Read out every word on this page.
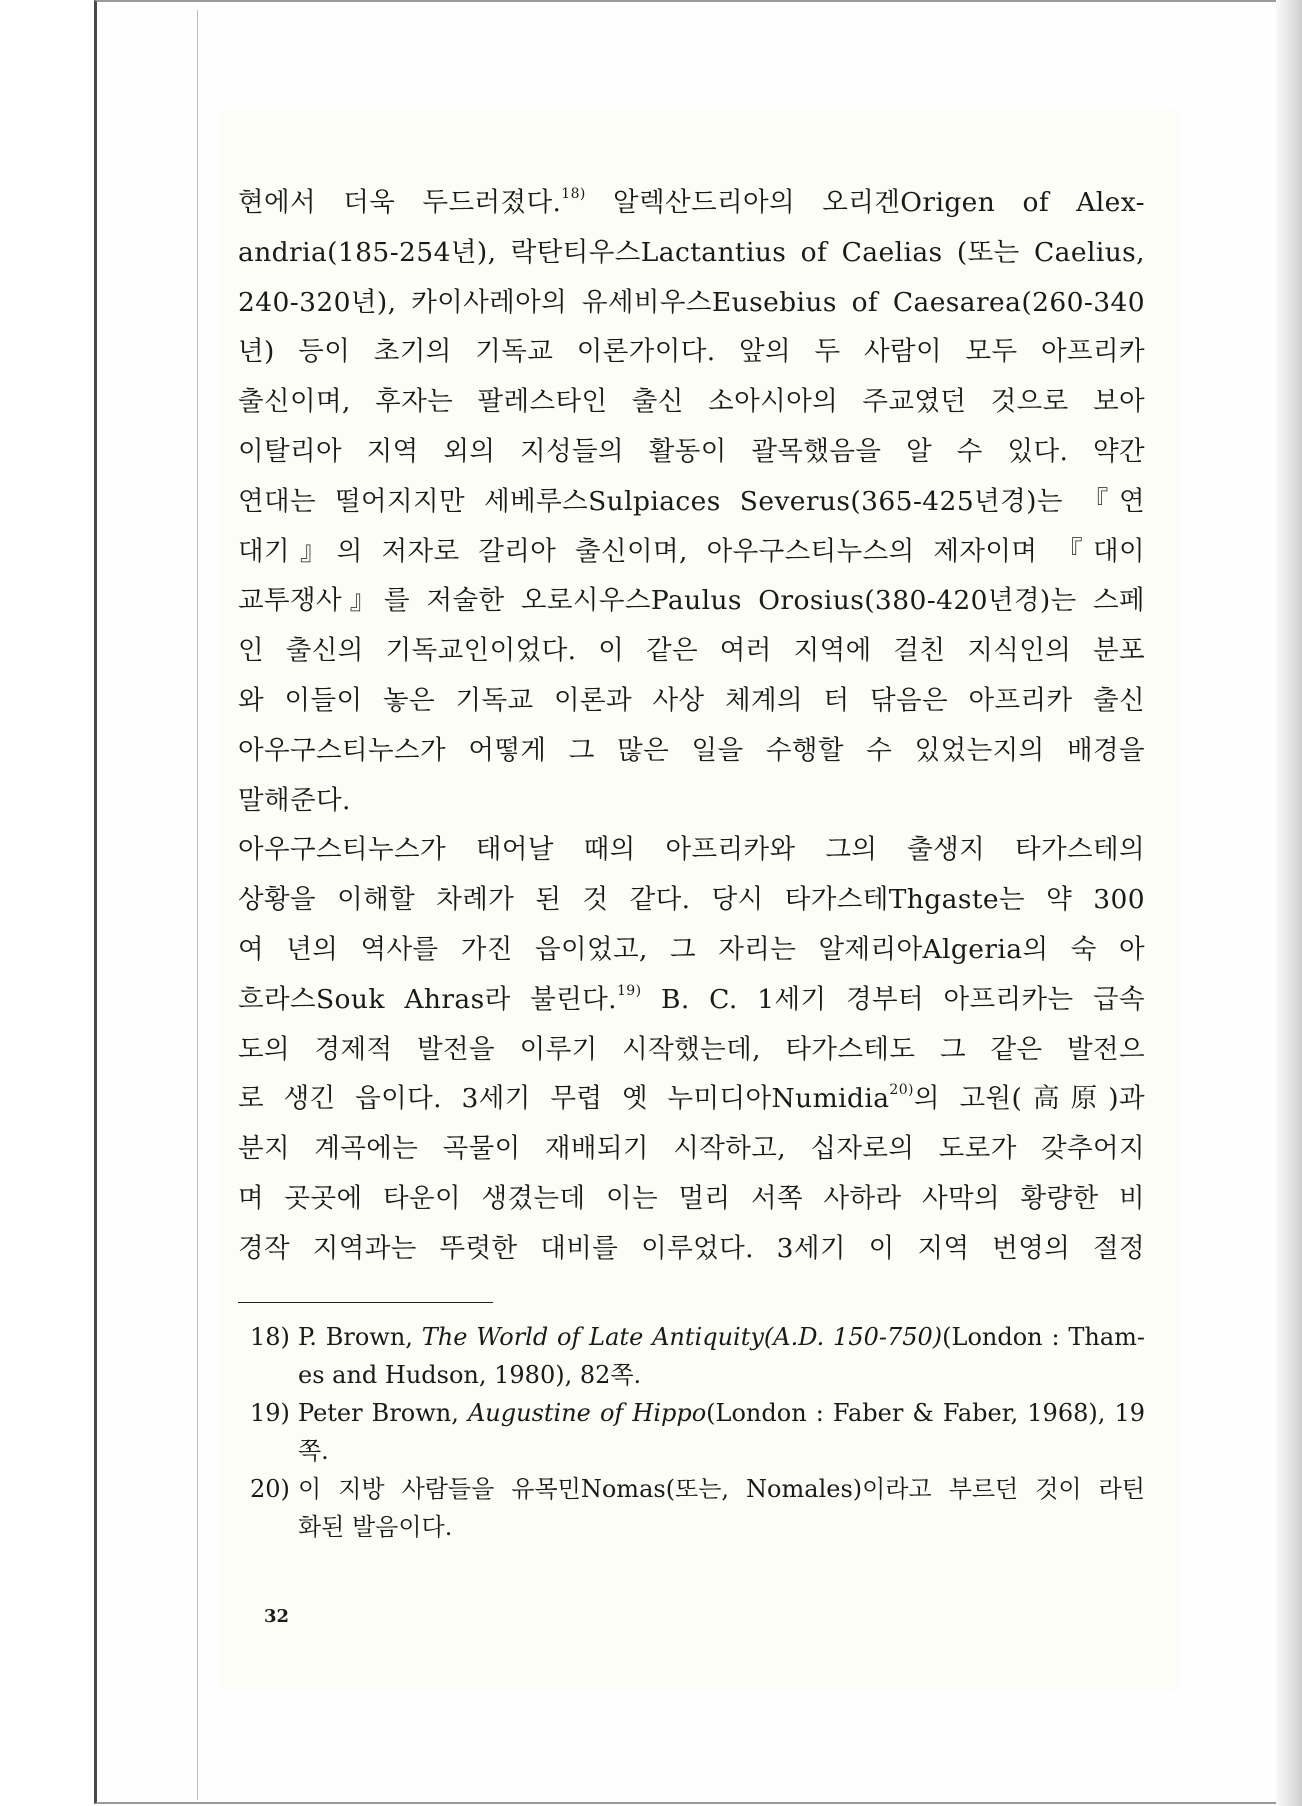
현에서 더욱 두드러졌다.$^{18)}$ 알렉산드리아의 오리겐Origen of Alex-
andria(185-254년), 락탄티우스Lactantius of Caelias (또는 Caelius,
240-320년), 카이사레아의 유세비우스Eusebius of Caesarea(260-340
년) 등이 초기의 기독교 이론가이다. 앞의 두 사람이 모두 아프리카
출신이며, 후자는 팔레스타인 출신 소아시아의 주교였던 것으로 보아
이탈리아 지역 외의 지성들의 활동이 괄목했음을 알 수 있다. 약간
연대는 떨어지지만 세베루스Sulpiaces Severus(365-425년경)는 『연
대기』의 저자로 갈리아 출신이며, 아우구스티누스의 제자이며 『대이
교투쟁사』를 저술한 오로시우스Paulus Orosius(380-420년경)는 스페
인 출신의 기독교인이었다. 이 같은 여러 지역에 걸친 지식인의 분포
와 이들이 놓은 기독교 이론과 사상 체계의 터 닦음은 아프리카 출신
아우구스티누스가 어떻게 그 많은 일을 수행할 수 있었는지의 배경을
말해준다.
아우구스티누스가 태어날 때의 아프리카와 그의 출생지 타가스테의
상황을 이해할 차례가 된 것 같다. 당시 타가스테Thgaste는 약 300
여 년의 역사를 가진 읍이었고, 그 자리는 알제리아Algeria의 숙 아
흐라스Souk Ahras라 불린다.$^{19)}$ B. C. 1세기 경부터 아프리카는 급속
도의 경제적 발전을 이루기 시작했는데, 타가스테도 그 같은 발전으
로 생긴 읍이다. 3세기 무렵 옛 누미디아Numidia$^{20)}$의 고원(高原)과
분지 계곡에는 곡물이 재배되기 시작하고, 십자로의 도로가 갖추어지
며 곳곳에 타운이 생겼는데 이는 멀리 서쪽 사하라 사막의 황량한 비
경작 지역과는 뚜렷한 대비를 이루었다. 3세기 이 지역 번영의 절정
18) P. Brown, The World of Late Antiquity(A.D. 150-750)(London : Tham-
es and Hudson, 1980), 82쪽.
19) Peter Brown, Augustine of Hippo(London : Faber & Faber, 1968), 19
쪽.
20) 이 지방 사람들을 유목민Nomas(또는, Nomales)이라고 부르던 것이 라틴
화된 발음이다.
32
